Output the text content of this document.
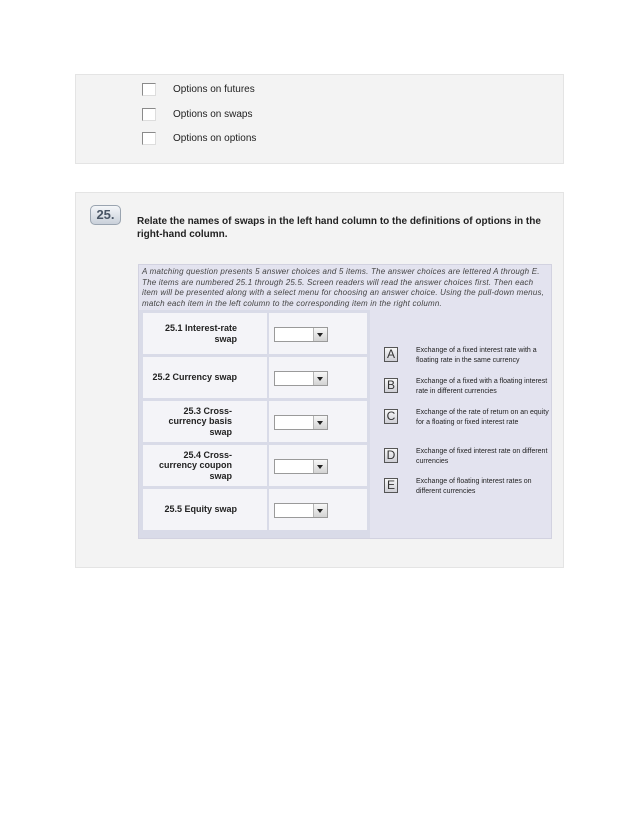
Options on futures
Options on swaps
Options on options
25.	Relate the names of swaps in the left hand column to the definitions of options in the right-hand column.
A matching question presents 5 answer choices and 5 items. The answer choices are lettered A through E. The items are numbered 25.1 through 25.5. Screen readers will read the answer choices first. Then each item will be presented along with a select menu for choosing an answer choice. Using the pull-down menus, match each item in the left column to the corresponding item in the right column.
25.1 Interest-rate swap
25.2 Currency swap
25.3 Cross-currency basis swap
25.4 Cross-currency coupon swap
25.5 Equity swap
A	Exchange of a fixed interest rate with a floating rate in the same currency
B	Exchange of a fixed with a floating interest rate in different currencies
C	Exchange of the rate of return on an equity for a floating or fixed interest rate
D	Exchange of fixed interest rate on different currencies
E	Exchange of floating interest rates on different currencies
